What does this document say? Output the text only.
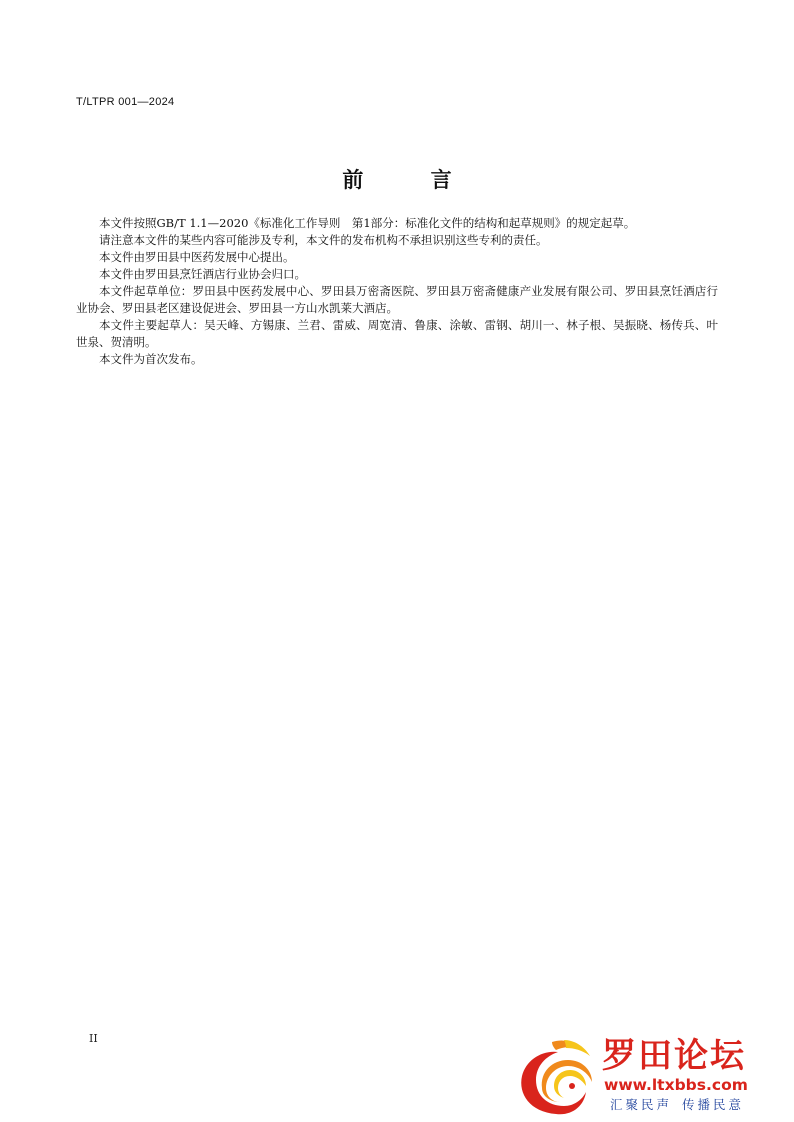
T/LTPR 001—2024
前 言

本文件按照GB/T 1.1—2020《标准化工作导则　第1部分：标准化文件的结构和起草规则》的规定起草。

请注意本文件的某些内容可能涉及专利，本文件的发布机构不承担识别这些专利的责任。

本文件由罗田县中医药发展中心提出。

本文件由罗田县烹饪酒店行业协会归口。

本文件起草单位：罗田县中医药发展中心、罗田县万密斋医院、罗田县万密斋健康产业发展有限公司、罗田县烹饪酒店行业协会、罗田县老区建设促进会、罗田县一方山水凯莱大酒店。

本文件主要起草人：吴天峰、方锡康、兰君、雷威、周宽清、鲁康、涂敏、雷钢、胡川一、林子根、吴振晓、杨传兵、叶世泉、贺清明。

本文件为首次发布。

II	罗田论坛
www.ltxbbs.com
汇聚民声 传播民意
